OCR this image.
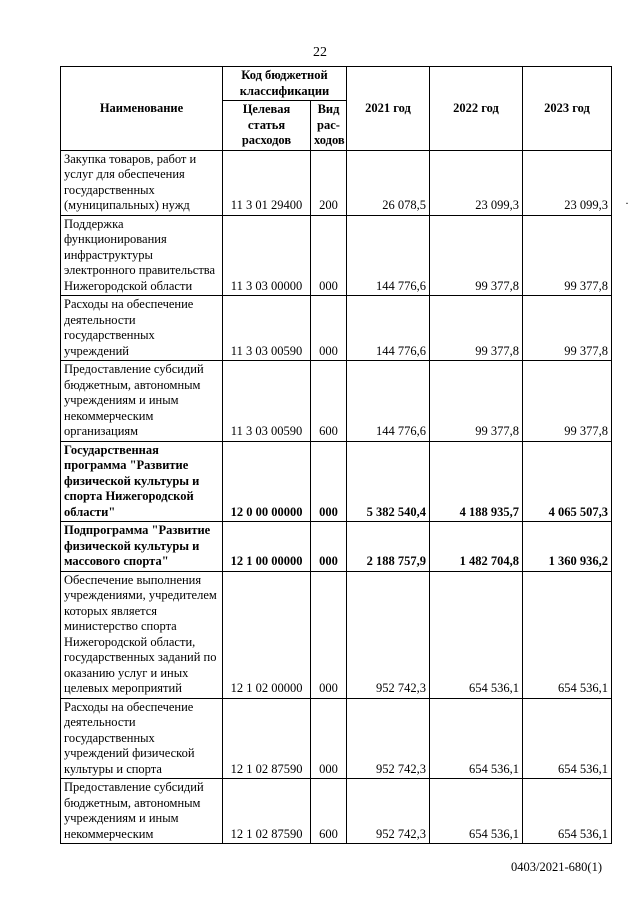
22
Наименование	Код бюджетной классификации		2021 год	2022 год	2023 год
	Целевая статья расходов	Вид рас-ходов			
Закупка товаров, работ и услуг для обеспечения государственных (муниципальных) нужд	11 3 01 29400	200	26 078,5	23 099,3	23 099,3
Поддержка функционирования инфраструктуры электронного правительства Нижегородской области	11 3 03 00000	000	144 776,6	99 377,8	99 377,8
Расходы на обеспечение деятельности государственных учреждений	11 3 03 00590	000	144 776,6	99 377,8	99 377,8
Предоставление субсидий бюджетным, автономным учреждениям и иным некоммерческим организациям	11 3 03 00590	600	144 776,6	99 377,8	99 377,8
Государственная программа "Развитие физической культуры и спорта Нижегородской области"	12 0 00 00000	000	5 382 540,4	4 188 935,7	4 065 507,3
Подпрограмма "Развитие физической культуры и массового спорта"	12 1 00 00000	000	2 188 757,9	1 482 704,8	1 360 936,2
Обеспечение выполнения учреждениями, учредителем которых является министерство спорта Нижегородской области, государственных заданий по оказанию услуг и иных целевых мероприятий	12 1 02 00000	000	952 742,3	654 536,1	654 536,1
Расходы на обеспечение деятельности государственных учреждений физической культуры и спорта	12 1 02 87590	000	952 742,3	654 536,1	654 536,1
Предоставление субсидий бюджетным, автономным учреждениям и иным некоммерческим	12 1 02 87590	600	952 742,3	654 536,1	654 536,1
·
0403/2021-680(1)
